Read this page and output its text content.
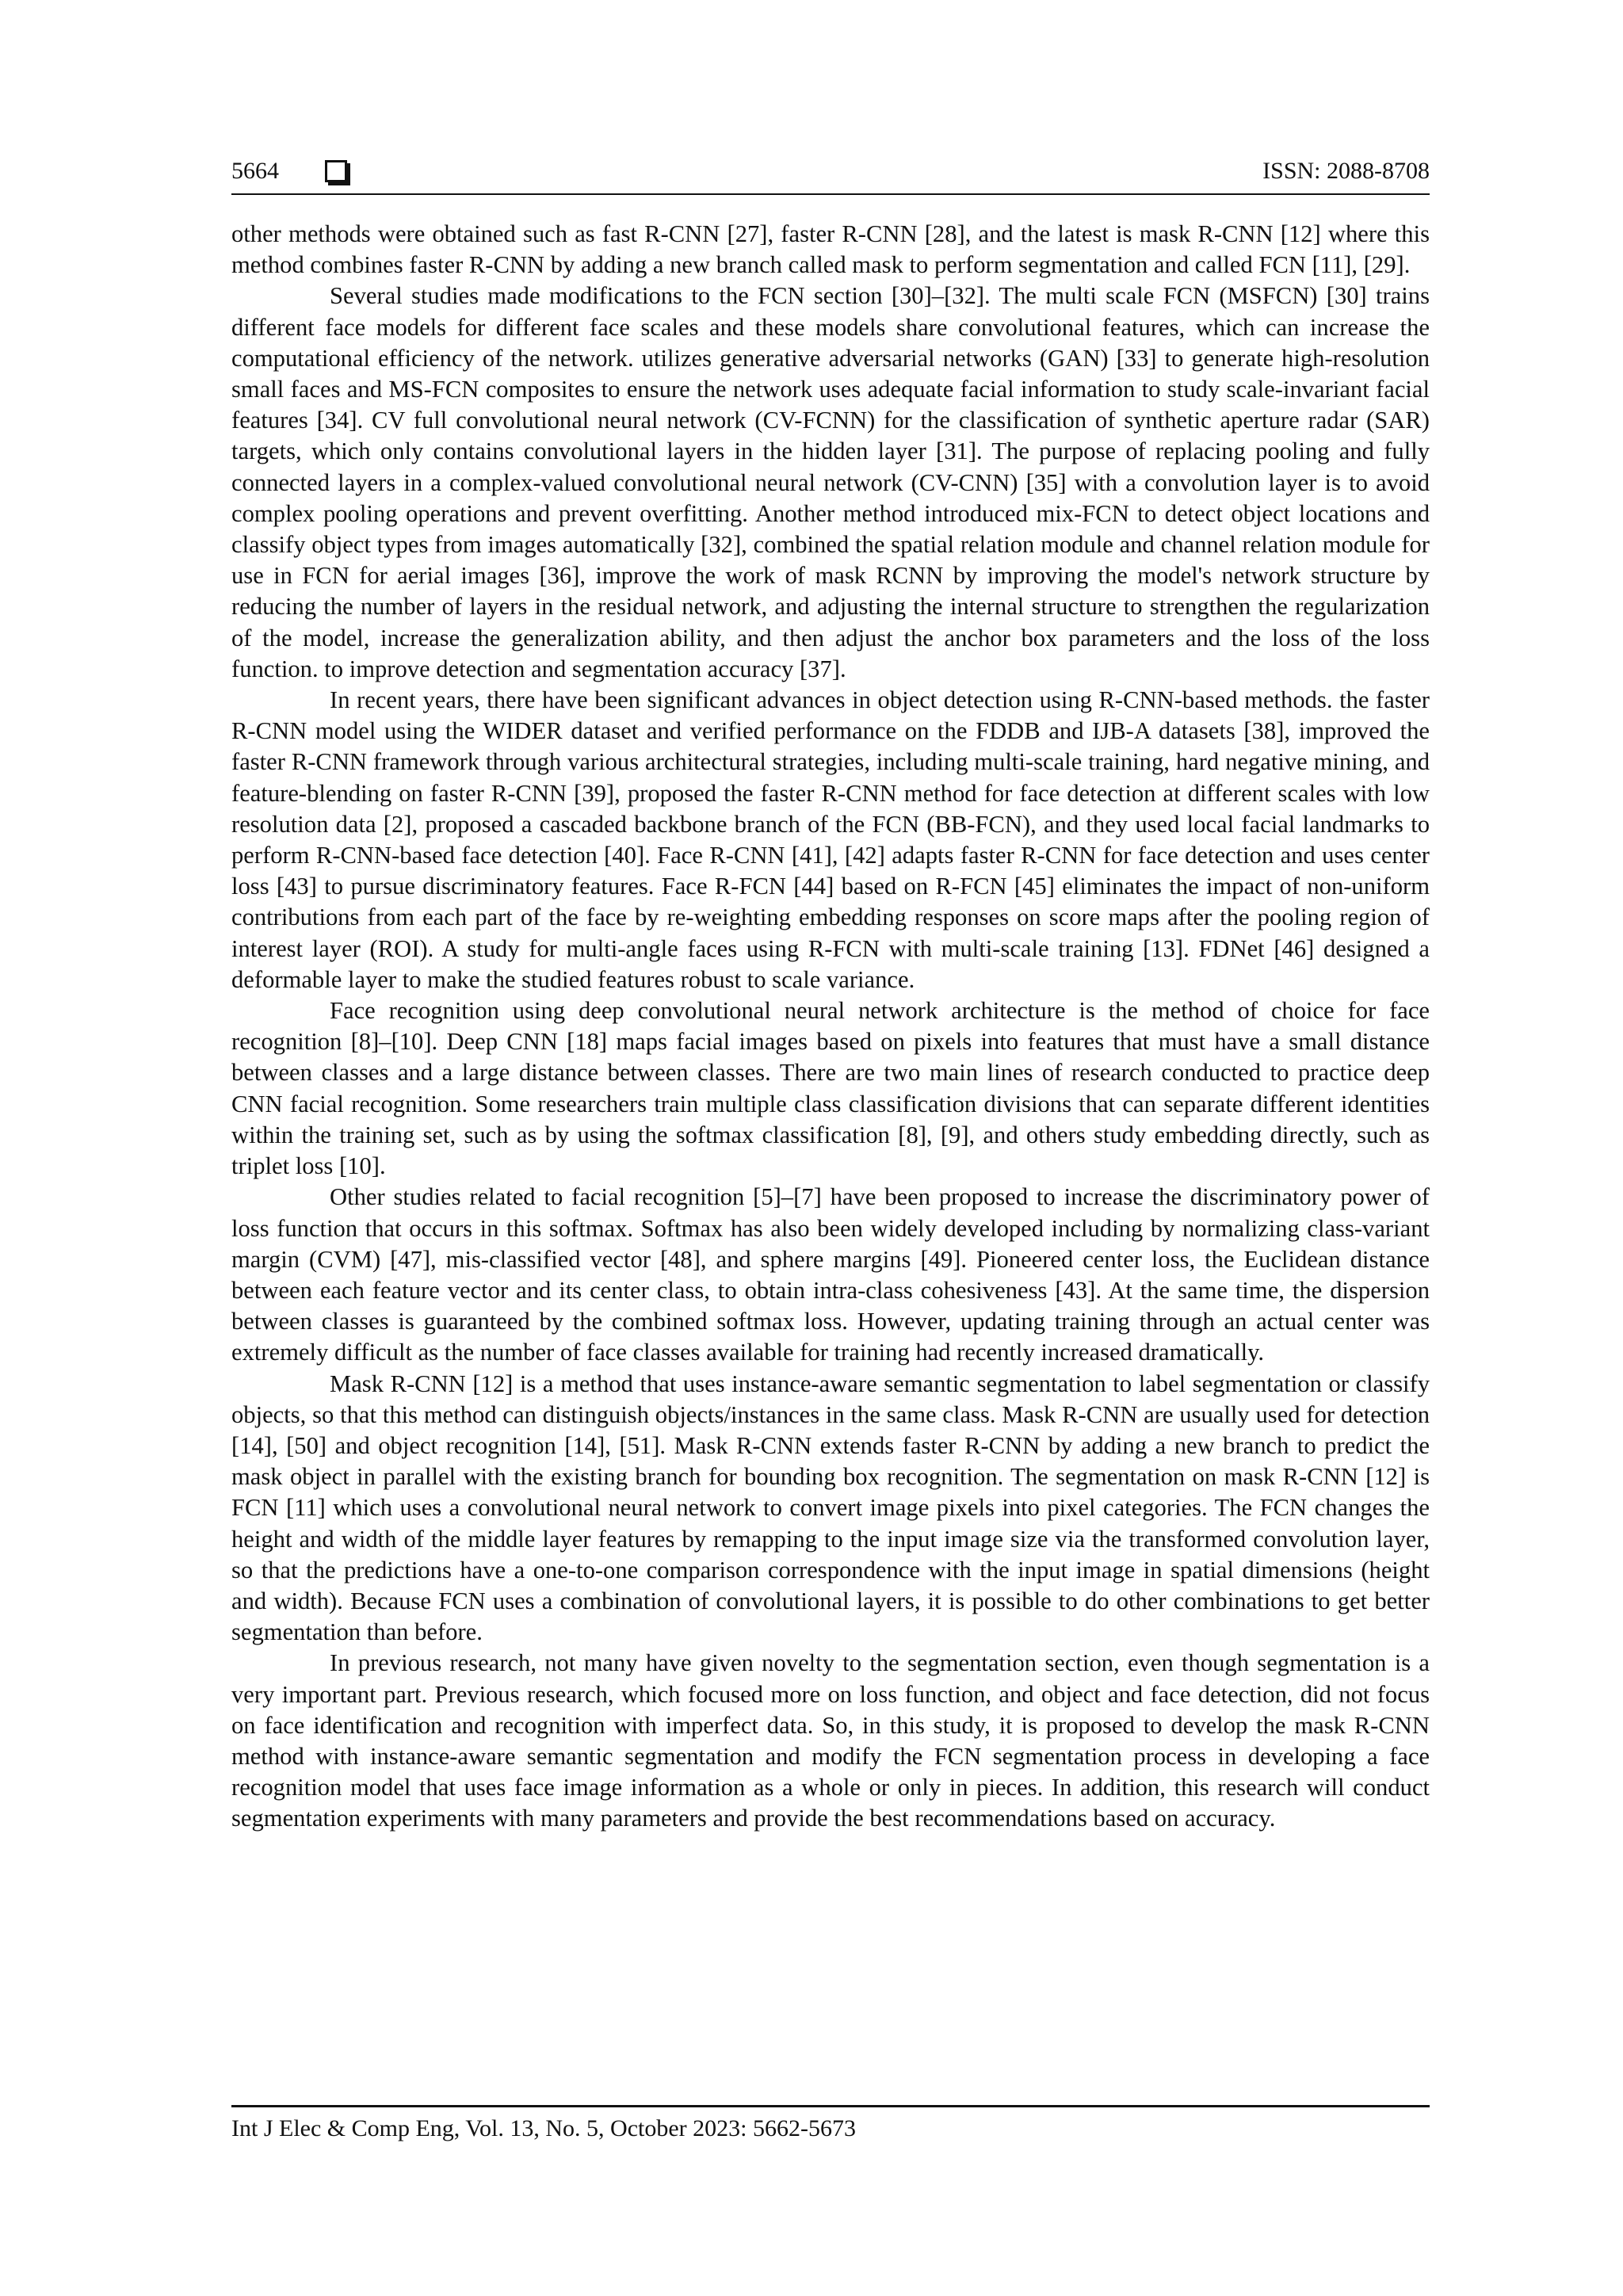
5664	ISSN: 2088-8708

other methods were obtained such as fast R-CNN [27], faster R-CNN [28], and the latest is mask R-CNN [12] where this method combines faster R-CNN by adding a new branch called mask to perform segmentation and called FCN [11], [29].

Several studies made modifications to the FCN section [30]–[32]. The multi scale FCN (MSFCN) [30] trains different face models for different face scales and these models share convolutional features, which can increase the computational efficiency of the network. utilizes generative adversarial networks (GAN) [33] to generate high-resolution small faces and MS-FCN composites to ensure the network uses adequate facial information to study scale-invariant facial features [34]. CV full convolutional neural network (CV-FCNN) for the classification of synthetic aperture radar (SAR) targets, which only contains convolutional layers in the hidden layer [31]. The purpose of replacing pooling and fully connected layers in a complex-valued convolutional neural network (CV-CNN) [35] with a convolution layer is to avoid complex pooling operations and prevent overfitting. Another method introduced mix-FCN to detect object locations and classify object types from images automatically [32], combined the spatial relation module and channel relation module for use in FCN for aerial images [36], improve the work of mask RCNN by improving the model's network structure by reducing the number of layers in the residual network, and adjusting the internal structure to strengthen the regularization of the model, increase the generalization ability, and then adjust the anchor box parameters and the loss of the loss function. to improve detection and segmentation accuracy [37].

In recent years, there have been significant advances in object detection using R-CNN-based methods. the faster R-CNN model using the WIDER dataset and verified performance on the FDDB and IJB-A datasets [38], improved the faster R-CNN framework through various architectural strategies, including multi-scale training, hard negative mining, and feature-blending on faster R-CNN [39], proposed the faster R-CNN method for face detection at different scales with low resolution data [2], proposed a cascaded backbone branch of the FCN (BB-FCN), and they used local facial landmarks to perform R-CNN-based face detection [40]. Face R-CNN [41], [42] adapts faster R-CNN for face detection and uses center loss [43] to pursue discriminatory features. Face R-FCN [44] based on R-FCN [45] eliminates the impact of non-uniform contributions from each part of the face by re-weighting embedding responses on score maps after the pooling region of interest layer (ROI). A study for multi-angle faces using R-FCN with multi-scale training [13]. FDNet [46] designed a deformable layer to make the studied features robust to scale variance.

Face recognition using deep convolutional neural network architecture is the method of choice for face recognition [8]–[10]. Deep CNN [18] maps facial images based on pixels into features that must have a small distance between classes and a large distance between classes. There are two main lines of research conducted to practice deep CNN facial recognition. Some researchers train multiple class classification divisions that can separate different identities within the training set, such as by using the softmax classification [8], [9], and others study embedding directly, such as triplet loss [10].

Other studies related to facial recognition [5]–[7] have been proposed to increase the discriminatory power of loss function that occurs in this softmax. Softmax has also been widely developed including by normalizing class-variant margin (CVM) [47], mis-classified vector [48], and sphere margins [49]. Pioneered center loss, the Euclidean distance between each feature vector and its center class, to obtain intra-class cohesiveness [43]. At the same time, the dispersion between classes is guaranteed by the combined softmax loss. However, updating training through an actual center was extremely difficult as the number of face classes available for training had recently increased dramatically.

Mask R-CNN [12] is a method that uses instance-aware semantic segmentation to label segmentation or classify objects, so that this method can distinguish objects/instances in the same class. Mask R-CNN are usually used for detection [14], [50] and object recognition [14], [51]. Mask R-CNN extends faster R-CNN by adding a new branch to predict the mask object in parallel with the existing branch for bounding box recognition. The segmentation on mask R-CNN [12] is FCN [11] which uses a convolutional neural network to convert image pixels into pixel categories. The FCN changes the height and width of the middle layer features by remapping to the input image size via the transformed convolution layer, so that the predictions have a one-to-one comparison correspondence with the input image in spatial dimensions (height and width). Because FCN uses a combination of convolutional layers, it is possible to do other combinations to get better segmentation than before.

In previous research, not many have given novelty to the segmentation section, even though segmentation is a very important part. Previous research, which focused more on loss function, and object and face detection, did not focus on face identification and recognition with imperfect data. So, in this study, it is proposed to develop the mask R-CNN method with instance-aware semantic segmentation and modify the FCN segmentation process in developing a face recognition model that uses face image information as a whole or only in pieces. In addition, this research will conduct segmentation experiments with many parameters and provide the best recommendations based on accuracy.

Int J Elec & Comp Eng, Vol. 13, No. 5, October 2023: 5662-5673
